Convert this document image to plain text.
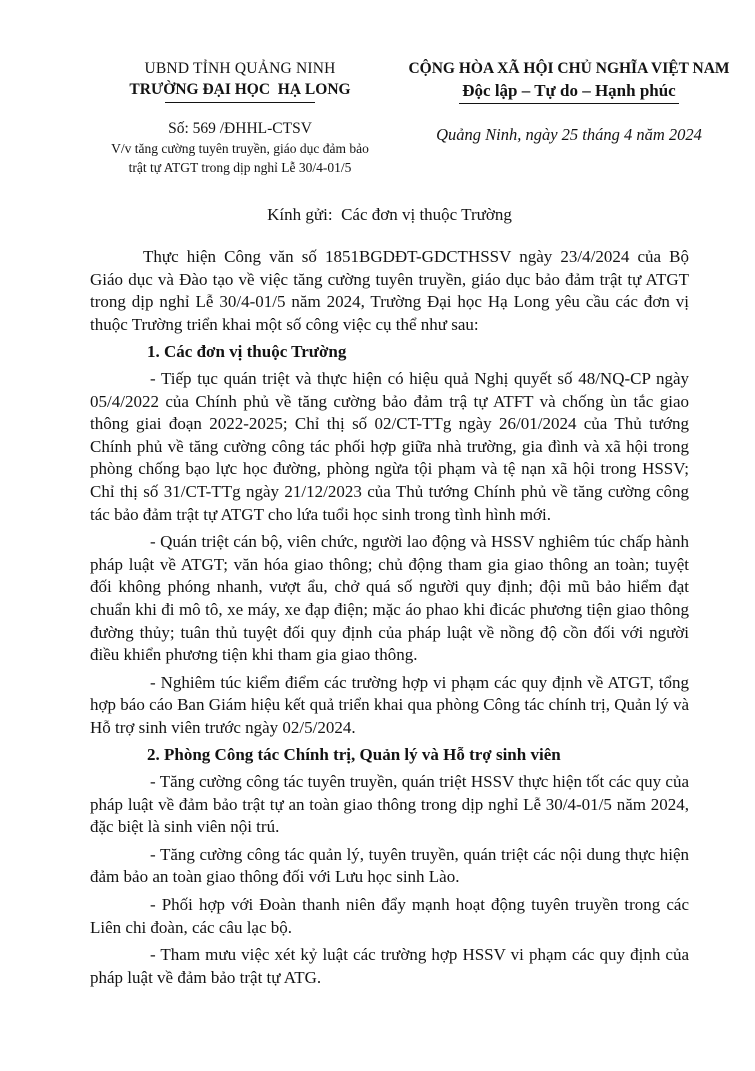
UBND TỈNH QUẢNG NINH
TRƯỜNG ĐẠI HỌC  HẠ LONG
Số: 569 /ĐHHL-CTSV
V/v tăng cường tuyên truyền, giáo dục đảm bảo
trật tự ATGT trong dịp nghỉ Lễ 30/4-01/5
CỘNG HÒA XÃ HỘI CHỦ NGHĨA VIỆT NAM
Độc lập – Tự do – Hạnh phúc
Quảng Ninh, ngày 25 tháng 4 năm 2024
Kính gửi:  Các đơn vị thuộc Trường

Thực hiện Công văn số 1851BGDĐT-GDCTHSSV ngày 23/4/2024 của Bộ Giáo dục và Đào tạo về việc tăng cường tuyên truyền, giáo dục bảo đảm trật tự ATGT trong dịp nghỉ Lễ 30/4-01/5 năm 2024, Trường Đại học Hạ Long yêu cầu các đơn vị thuộc Trường triển khai một số công việc cụ thể như sau:

1. Các đơn vị thuộc Trường

- Tiếp tục quán triệt và thực hiện có hiệu quả Nghị quyết số 48/NQ-CP ngày 05/4/2022 của Chính phủ về tăng cường bảo đảm trậ tự ATFT và chống ùn tắc giao thông giai đoạn 2022-2025; Chỉ thị số 02/CT-TTg ngày 26/01/2024 của Thủ tướng Chính phủ về tăng cường công tác phối hợp giữa nhà trường, gia đình và xã hội trong phòng chống bạo lực học đường, phòng ngừa tội phạm và tệ nạn xã hội trong HSSV; Chỉ thị số 31/CT-TTg ngày 21/12/2023 của Thủ tướng Chính phủ về tăng cường công tác bảo đảm trật tự ATGT cho lứa tuổi học sinh trong tình hình mới.

- Quán triệt cán bộ, viên chức, người lao động và HSSV nghiêm túc chấp hành pháp luật về ATGT; văn hóa giao thông; chủ động tham gia giao thông an toàn; tuyệt đối không phóng nhanh, vượt ẩu, chở quá số người quy định; đội mũ bảo hiểm đạt chuẩn khi đi mô tô, xe máy, xe đạp điện; mặc áo phao khi đicác phương tiện giao thông đường thủy; tuân thủ tuyệt đối quy định của pháp luật về nồng độ cồn đối với người điều khiển phương tiện khi tham gia giao thông.

- Nghiêm túc kiểm điểm các trường hợp vi phạm các quy định về ATGT, tổng hợp báo cáo Ban Giám hiệu kết quả triển khai qua phòng Công tác chính trị, Quản lý và Hỗ trợ sinh viên trước ngày 02/5/2024.

2. Phòng Công tác Chính trị, Quản lý và Hỗ trợ sinh viên

- Tăng cường công tác tuyên truyền, quán triệt HSSV thực hiện tốt các quy của pháp luật về đảm bảo trật tự an toàn giao thông trong dịp nghỉ Lễ 30/4-01/5 năm 2024, đặc biệt là sinh viên nội trú.

- Tăng cường công tác quản lý, tuyên truyền, quán triệt các nội dung thực hiện đảm bảo an toàn giao thông đối với Lưu học sinh Lào.

- Phối hợp với Đoàn thanh niên đẩy mạnh hoạt động tuyên truyền trong các Liên chi đoàn, các câu lạc bộ.

- Tham mưu việc xét kỷ luật các trường hợp HSSV vi phạm các quy định của pháp luật về đảm bảo trật tự ATG.
